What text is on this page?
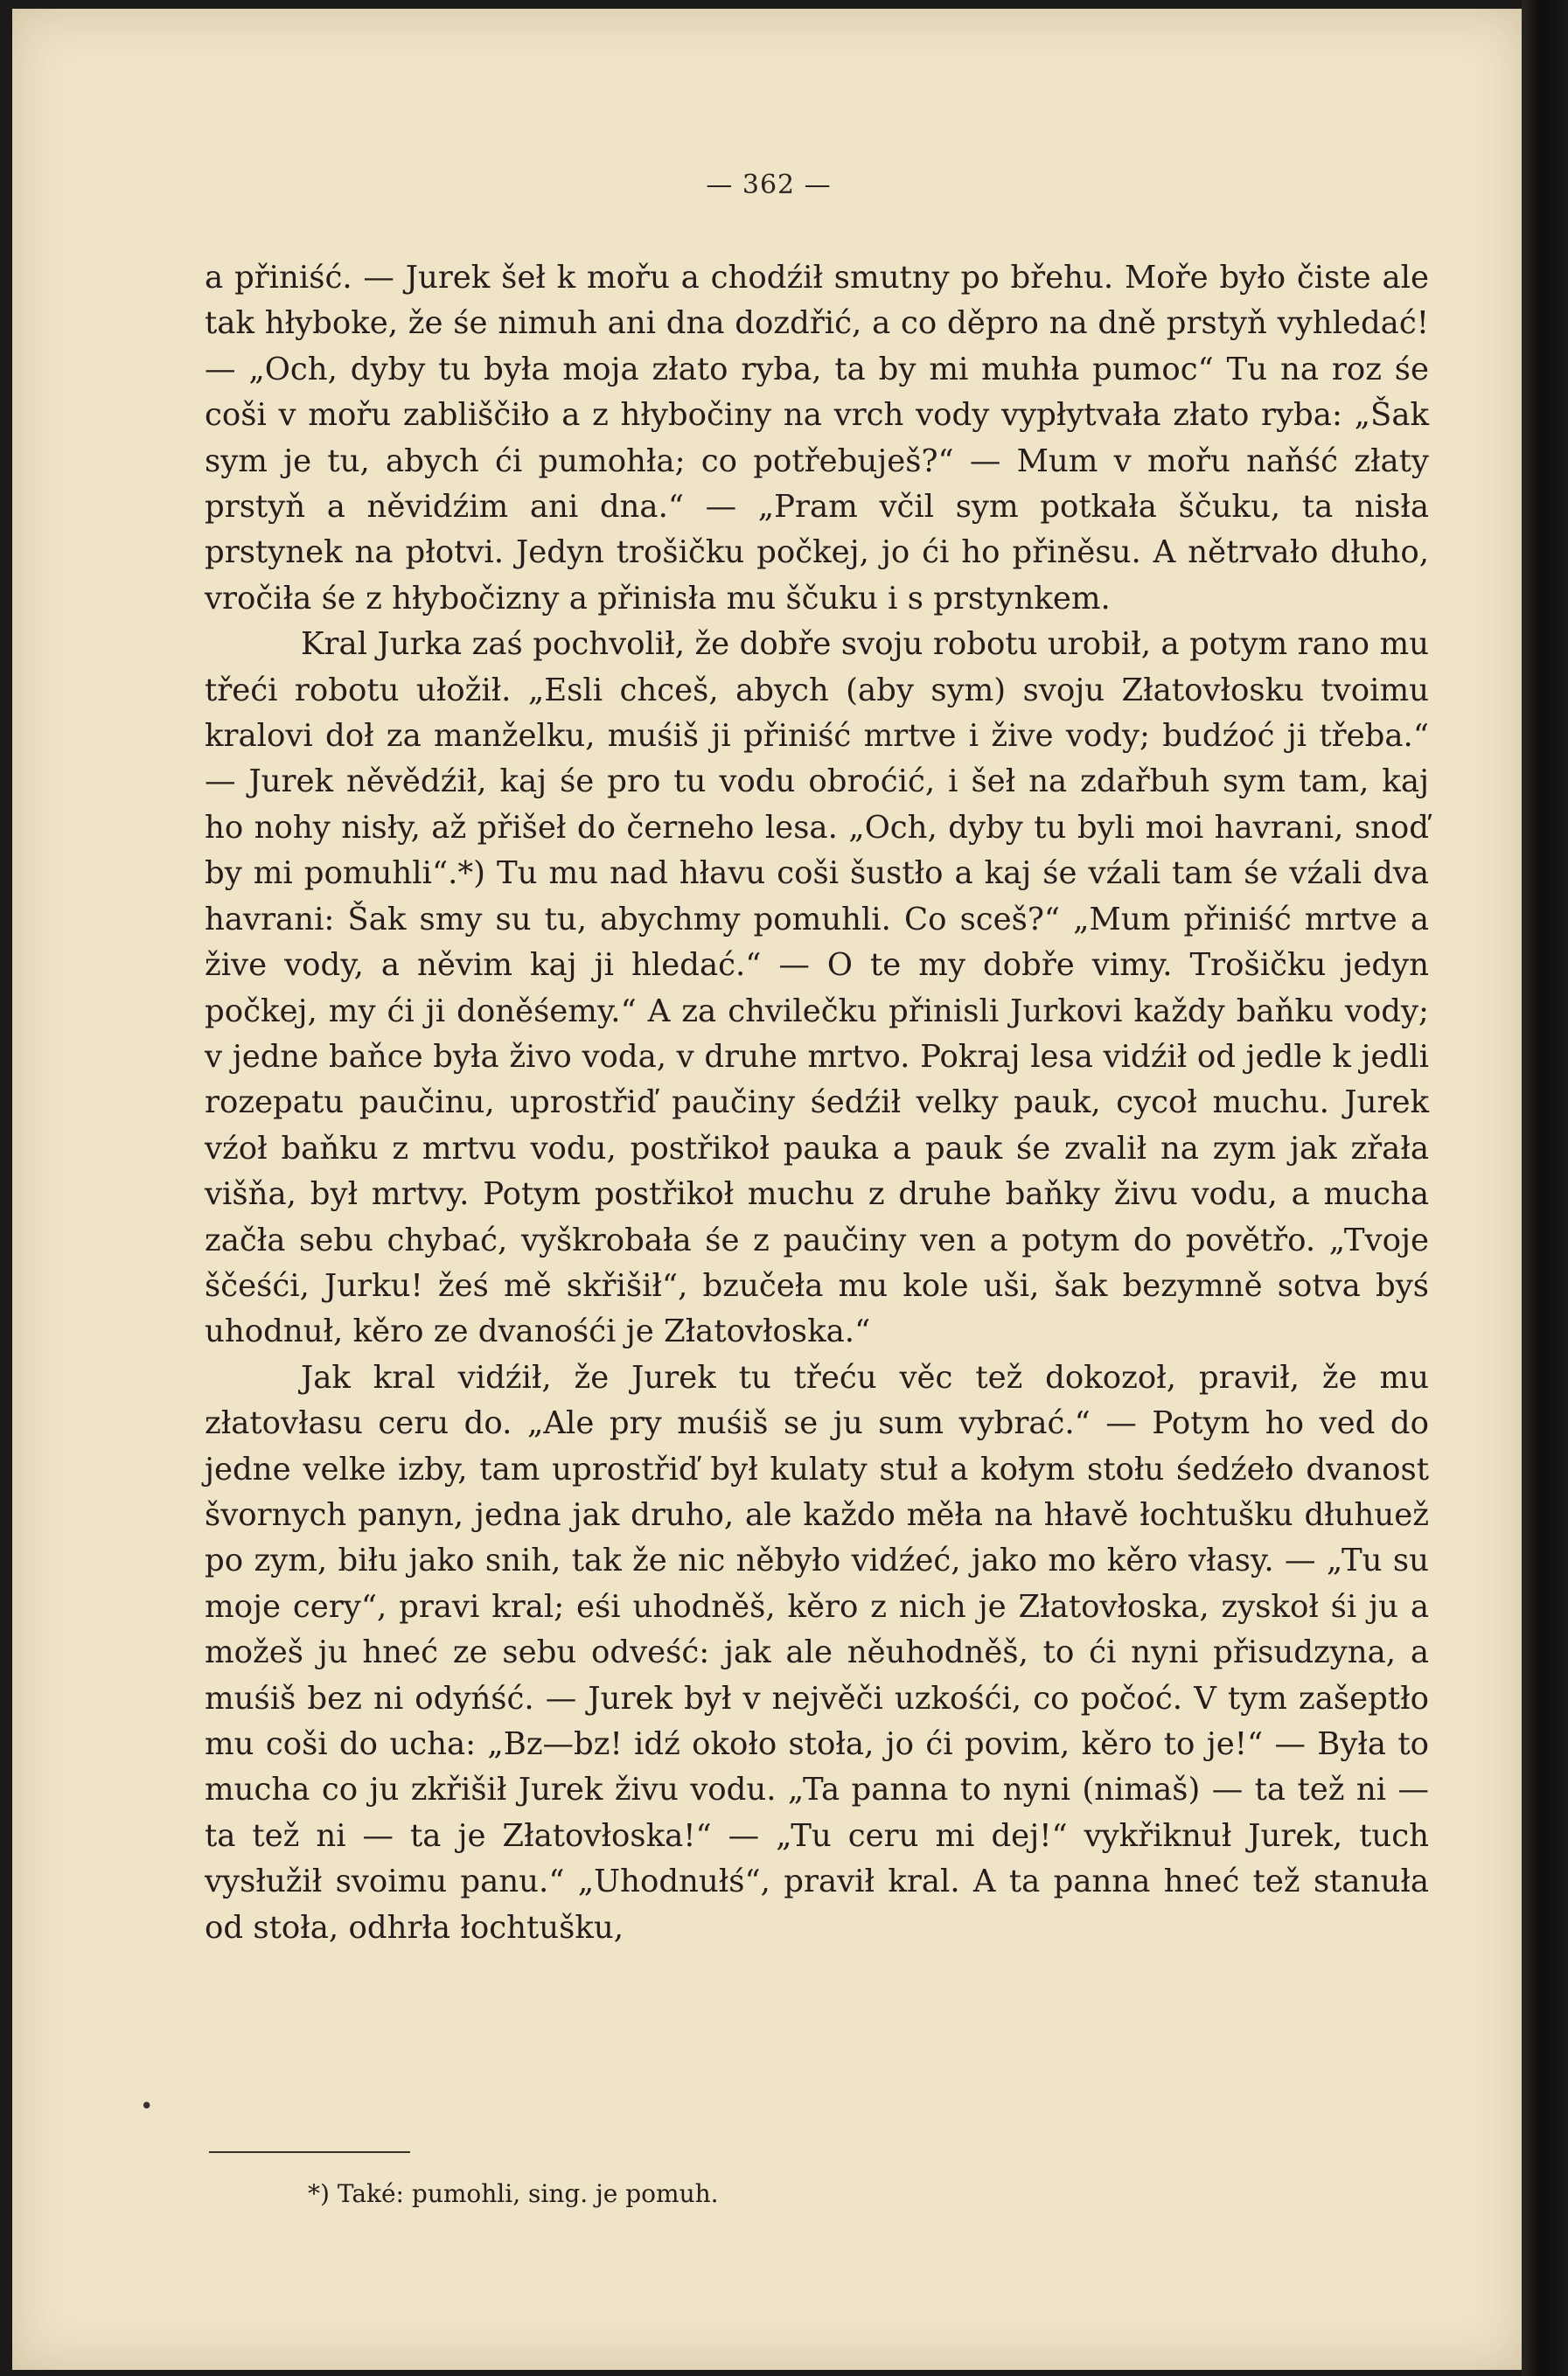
— 362 —

a přiniść. — Jurek šeł k mořu a chodźił smutny po břehu. Mořе było čiste ale tak hłyboke, že śe nimuh ani dna dozdřić, a co děpro na dně prstyň vyhledać! — „Och, dyby tu była moja złato ryba, ta by mi muhła pumoc“ Tu na roz śe coši v mořu zabliščiło a z hłybočiny na vrch vody vypłytvała złato ryba: „Šak sym je tu, abych ći pumohła; co potřebuješ?“ — Mum v mořu naňść złaty prstyň a něvidźim ani dna.“ — „Pram včil sym potkała ščuku, ta nisła prstynek na płotvi. Jedyn trošičku počkej, jo ći ho přiněsu. A nětrvało dłuho, vročiła śe z hłybočizny a přinisła mu ščuku i s prstynkem.

Kral Jurka zaś pochvolił, že dobře svoju robotu urobił, a potym rano mu třeći robotu ułožił. „Esli chceš, abych (aby sym) svoju Złatovłosku tvoimu kralovi doł za manželku, muśiš ji přiniść mrtve i žive vody; budźoć ji třeba.“ — Jurek něvědźił, kaj śe pro tu vodu obroćić, i šeł na zdařbuh sym tam, kaj ho nohy nisły, až přišeł do černeho lesa. „Och, dyby tu byli moi havrani, snoď by mi pomuhli“.*) Tu mu nad hłavu coši šustło a kaj śe vźali tam śe vźali dva havrani: Šak smy su tu, abychmy pomuhli. Co sceš?“ „Mum přiniść mrtve a žive vody, a něvim kaj ji hledać.“ — O te my dobře vimy. Trošičku jedyn počkej, my ći ji doněśemy.“ A za chvilečku přinisli Jurkovi každy baňku vody; v jedne baňce była živo voda, v druhe mrtvo. Pokraj lesa vidźił od jedle k jedli rozepatu paučinu, uprostřiď paučiny śedźił velky pauk, cycoł muchu. Jurek vźoł baňku z mrtvu vodu, postřikoł pauka a pauk śe zvalił na zym jak zřała višňa, był mrtvy. Potym postřikoł muchu z druhe baňky živu vodu, a mucha začła sebu chybać, vyškrobała śe z paučiny ven a potym do povětřo. „Tvoje ščeśći, Jurku! žeś mě skřišił“, bzučeła mu kole uši, šak bezymně sotva byś uhodnuł, kěro ze dvanośći je Złatovłoska.“

Jak kral vidźił, že Jurek tu třeću věc tež dokozoł, pravił, že mu złatovłasu ceru do. „Ale pry muśiš se ju sum vybrać.“ — Potym ho ved do jedne velke izby, tam uprostřiď był kulaty stuł a kołym stołu śedźeło dvanost švornych panyn, jedna jak druho, ale každo měła na hłavě łochtušku dłuhuež po zym, biłu jako snih, tak že nic něbyło vidźeć, jako mo kěro vłasy. — „Tu su moje cery“, pravi kral; eśi uhodněš, kěro z nich je Złatovłoska, zyskoł śi ju a možeš ju hneć ze sebu odveść: jak ale něuhodněš, to ći nyni přisudzyna, a muśiš bez ni odyńść. — Jurek był v nejvěči uzkośći, co počoć. V tym zašeptło mu coši do ucha: „Bz—bz! idź około stoła, jo ći povim, kěro to je!“ — Była to mucha co ju zkřišił Jurek živu vodu. „Ta panna to nyni (nimaš) — ta tež ni — ta tež ni — ta je Złatovłoska!“ — „Tu ceru mi dej!“ vykřiknuł Jurek, tuch vysłužił svoimu panu.“ „Uhodnułś“, pravił kral. A ta panna hneć tež stanuła od stoła, odhrła łochtušku,

•
*) Také: pumohli, sing. je pomuh.
